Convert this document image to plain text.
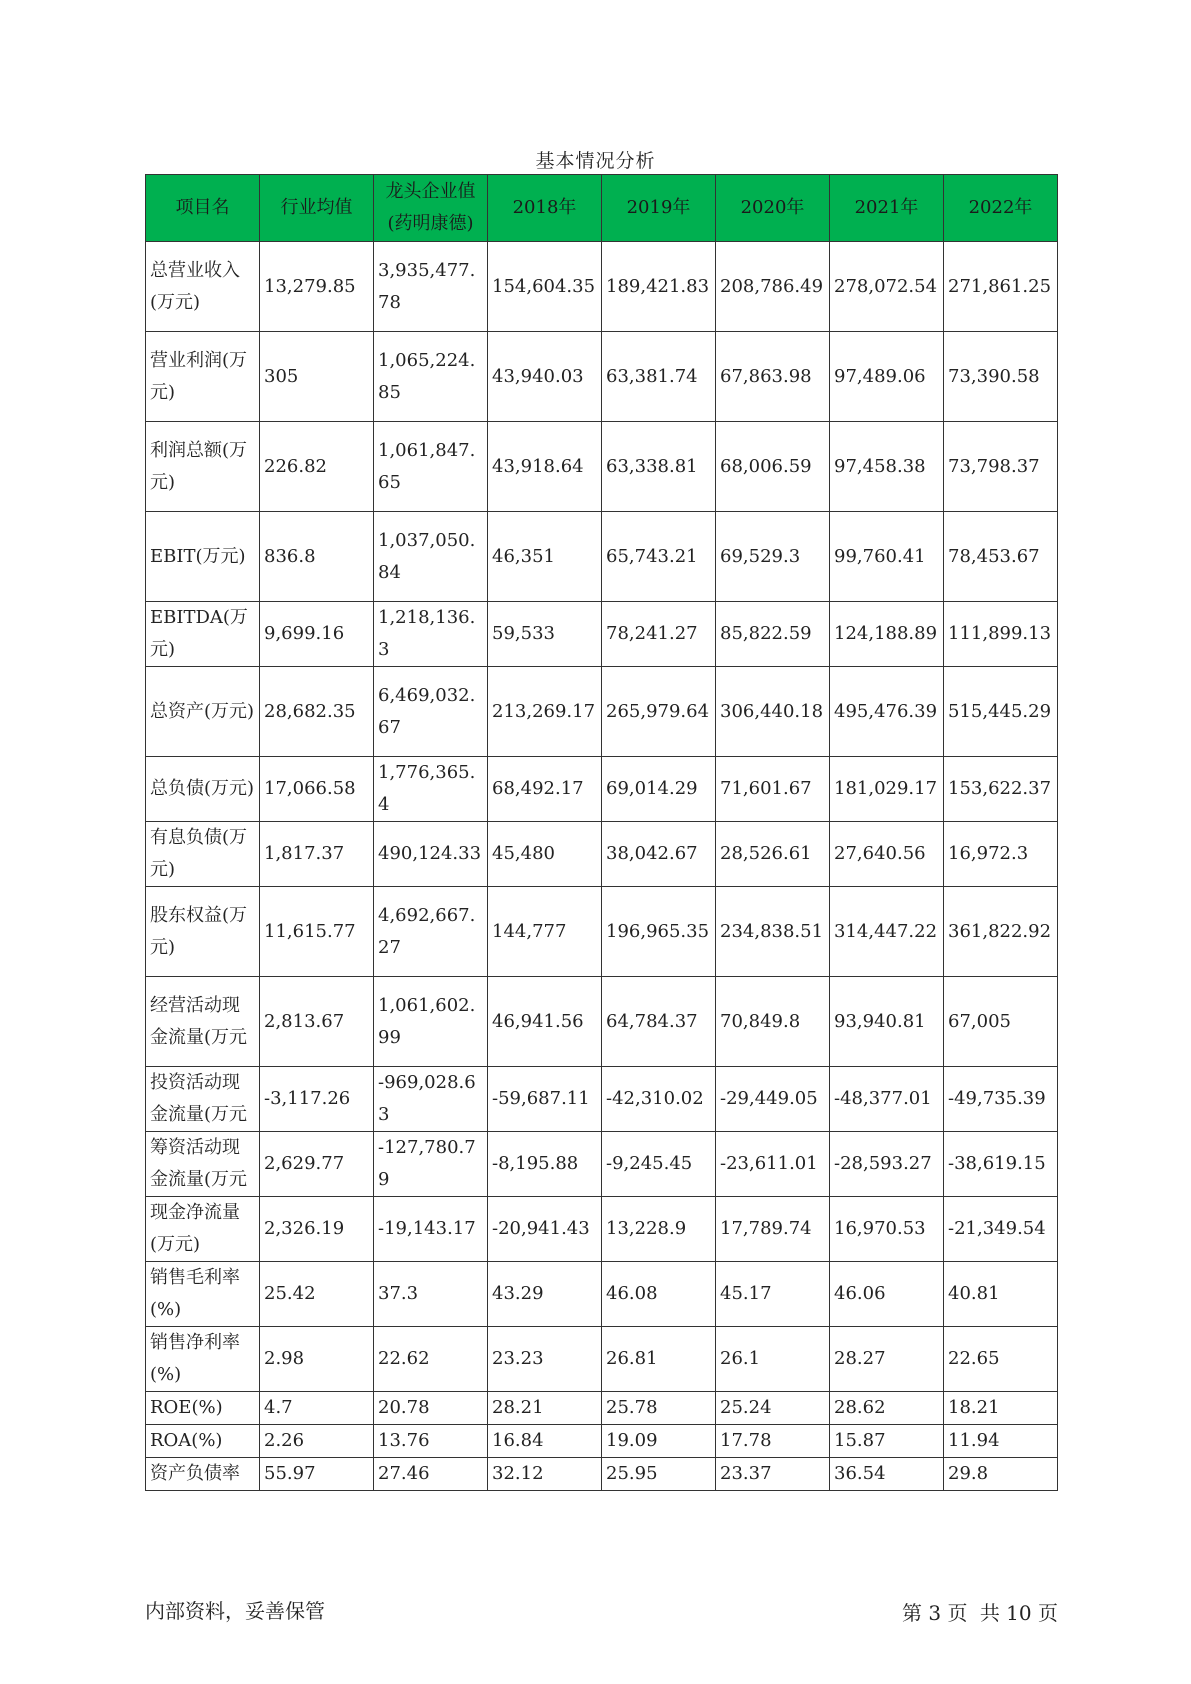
基本情况分析
项目名	行业均值	龙头企业值(药明康德)	2018年	2019年	2020年	2021年	2022年
总营业收入(万元)	13,279.85	3,935,477.78	154,604.35	189,421.83	208,786.49	278,072.54	271,861.25
营业利润(万元)	305	1,065,224.85	43,940.03	63,381.74	67,863.98	97,489.06	73,390.58
利润总额(万元)	226.82	1,061,847.65	43,918.64	63,338.81	68,006.59	97,458.38	73,798.37
EBIT(万元)	836.8	1,037,050.84	46,351	65,743.21	69,529.3	99,760.41	78,453.67
EBITDA(万元)	9,699.16	1,218,136.3	59,533	78,241.27	85,822.59	124,188.89	111,899.13
总资产(万元)	28,682.35	6,469,032.67	213,269.17	265,979.64	306,440.18	495,476.39	515,445.29
总负债(万元)	17,066.58	1,776,365.4	68,492.17	69,014.29	71,601.67	181,029.17	153,622.37
有息负债(万元)	1,817.37	490,124.33	45,480	38,042.67	28,526.61	27,640.56	16,972.3
股东权益(万元)	11,615.77	4,692,667.27	144,777	196,965.35	234,838.51	314,447.22	361,822.92
经营活动现金流量(万元	2,813.67	1,061,602.99	46,941.56	64,784.37	70,849.8	93,940.81	67,005
投资活动现金流量(万元	-3,117.26	-969,028.63	-59,687.11	-42,310.02	-29,449.05	-48,377.01	-49,735.39
筹资活动现金流量(万元	2,629.77	-127,780.79	-8,195.88	-9,245.45	-23,611.01	-28,593.27	-38,619.15
现金净流量(万元)	2,326.19	-19,143.17	-20,941.43	13,228.9	17,789.74	16,970.53	-21,349.54
销售毛利率(%)	25.42	37.3	43.29	46.08	45.17	46.06	40.81
销售净利率(%)	2.98	22.62	23.23	26.81	26.1	28.27	22.65
ROE(%)	4.7	20.78	28.21	25.78	25.24	28.62	18.21
ROA(%)	2.26	13.76	16.84	19.09	17.78	15.87	11.94
资产负债率	55.97	27.46	32.12	25.95	23.37	36.54	29.8
内部资料，妥善保管	第 3 页 共 10 页
